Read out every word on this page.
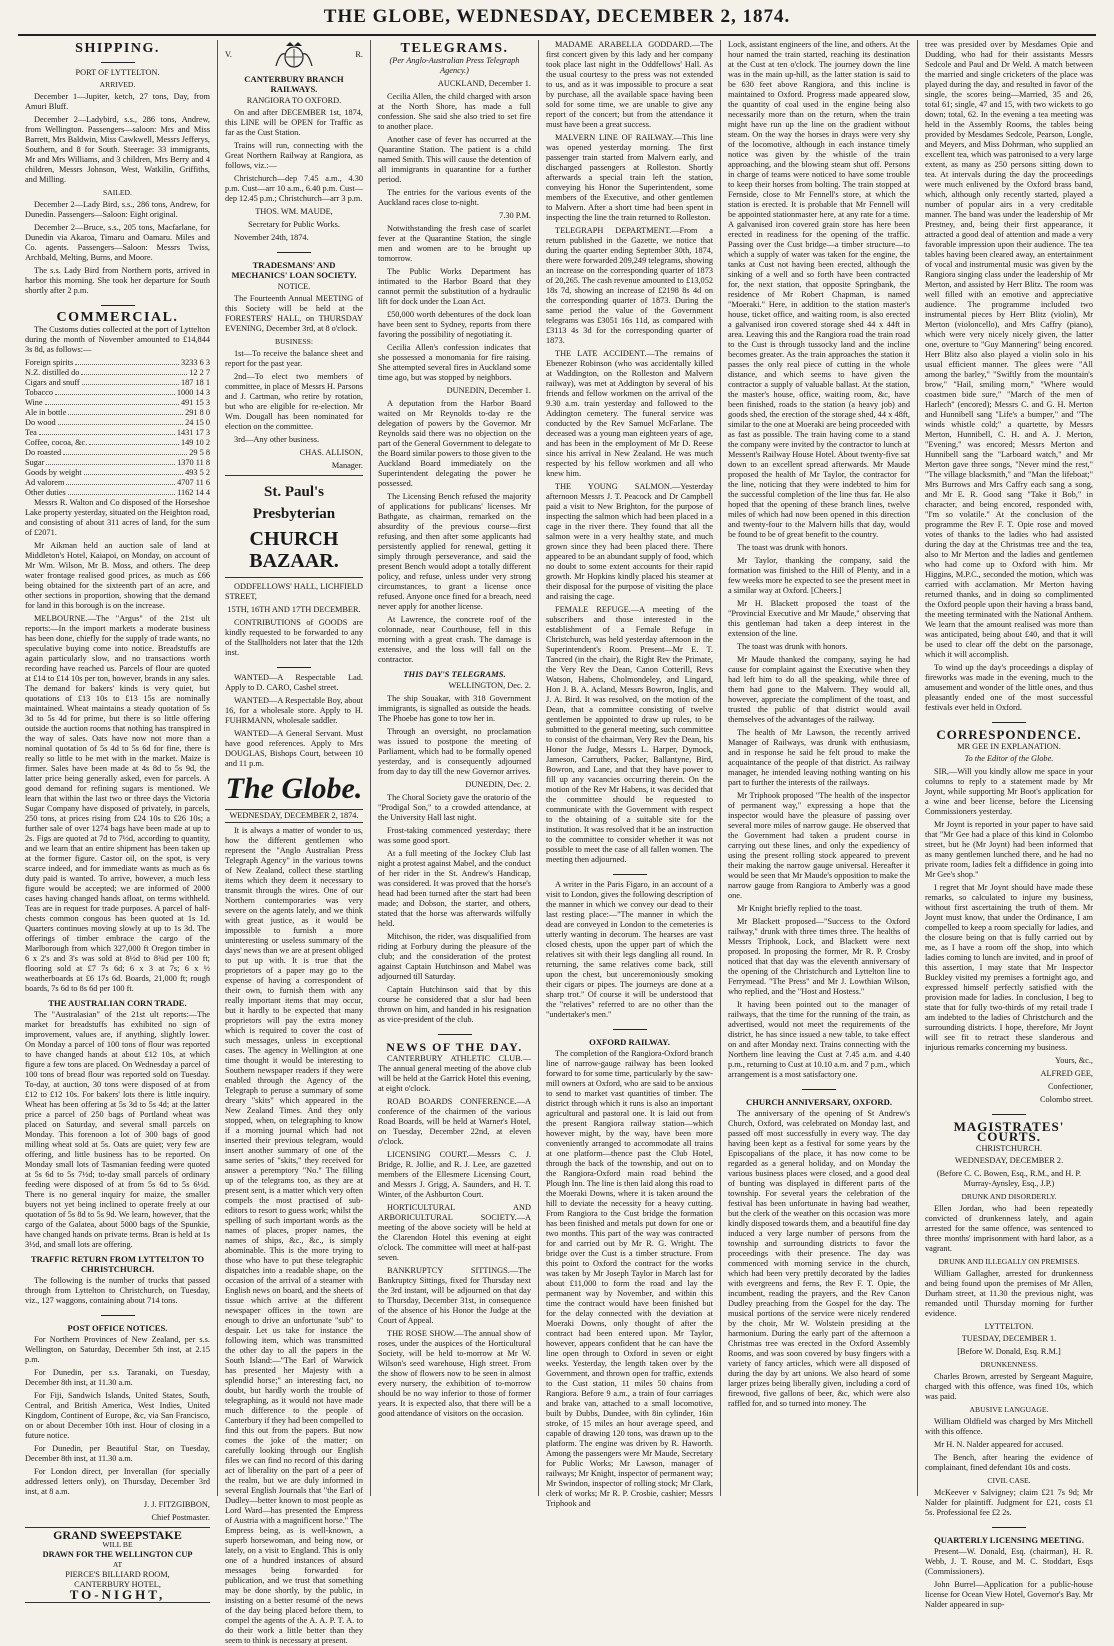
THE GLOBE, WEDNESDAY, DECEMBER 2, 1874.
SHIPPING.
PORT OF LYTTELTON.
ARRIVED.

December 1—Jupiter, ketch, 27 tons, Day, from Amuri Bluff.

December 2—Ladybird, s.s., 286 tons, Andrew, from Wellington. Passengers—saloon: Mrs and Miss Barrett, Mrs Baldwin, Miss Cawkwell, Messrs Jefferys, Southern, and 8 for South. Steerage: 33 immigrants, Mr and Mrs Williams, and 3 children, Mrs Berry and 4 children, Messrs Johnson, West, Watkilin, Griffiths, and Milling.

SAILED.

December 2—Lady Bird, s.s., 286 tons, Andrew, for Dunedin. Passengers—Saloon: Eight original.

December 2—Bruce, s.s., 205 tons, Macfarlane, for Dunedin via Akaroa, Timaru and Oamaru. Miles and Co. agents. Passengers—Saloon: Messrs Twiss, Archbald, Melting, Burns, and Moore.

The s.s. Lady Bird from Northern ports, arrived in harbor this morning. She took her departure for South shortly after 2 p.m.

COMMERCIAL.

The Customs duties collected at the port of Lyttelton during the month of November amounted to £14,844 3s 8d, as follows:—

Foreign spirits	3233 6 3
N.Z. distilled do	12 2 7
Cigars and snuff	187 18 1
Tobacco	1000 14 3
Wine	491 15 3
Ale in bottle	291 8 0
Do wood	24 15 0
Tea	1431 17 3
Coffee, cocoa, &c.	149 10 2
Do roasted	29 5 8
Sugar	1370 11 8
Goods by weight	493 5 2
Ad valorem	4707 11 6
Other duties	1162 14 4

Messrs R. Walton and Co disposed of the Horseshoe Lake property yesterday, situated on the Heighton road, and consisting of about 311 acres of land, for the sum of £2071.

Mr Aikman held an auction sale of land at Middleton's Hotel, Kaiapoi, on Monday, on account of Mr Wm. Wilson, Mr B. Moss, and others. The deep water frontage realised good prices, as much as £66 being obtained for the sixteenth part of an acre, and other sections in proportion, showing that the demand for land in this borough is on the increase.

MELBOURNE.—The "Argus" of the 21st ult reports:—In the import markets a moderate business has been done, chiefly for the supply of trade wants, no speculative buying come into notice. Breadstuffs are again particularly slow, and no transactions worth recording have reached us. Parcels of flour are quoted at £14 to £14 10s per ton, however, brands in any sales. The demand for bakers' kinds is very quiet, but quotations of £13 10s to £13 15s are nominally maintained. Wheat maintains a steady quotation of 5s 3d to 5s 4d for prime, but there is so little offering outside the auction rooms that nothing has transpired in the way of sales. Oats have now not more than a nominal quotation of 5s 4d to 5s 6d for fine, there is really so little to be met with in the market. Maize is firmer. Sales have been made at 4s 8d to 5s 9d, the latter price being generally asked, even for parcels. A good demand for refining sugars is mentioned. We learn that within the last two or three days the Victoria Sugar Company have disposed of privately, in parcels, 250 tons, at prices rising from £24 10s to £26 10s; a further sale of over 1274 bags have been made at up to 2s. Figs are quoted at 7d to 7½d, according to quantity, and we learn that an entire shipment has been taken up at the former figure. Castor oil, on the spot, is very scarce indeed, and for immediate wants as much as 6s duty paid is wanted. To arrive, however, a much less figure would be accepted; we are informed of 2000 cases having changed hands afloat, on terms withheld. Teas are in request for trade purposes. A parcel of half-chests common congous has been quoted at 1s 1d. Quarters continues moving slowly at up to 1s 3d. The offerings of timber embrace the cargo of the Marlborough from which 327,000 ft Oregon timber in 6 x 2's and 3's was sold at 8½d to 8¾d per 100 ft; flooring sold at £7 7s 6d; 6 x 3 at 7s; 6 x ½ weatherboards at £6 17s 6d. Boards, 21,000 ft; rough boards, 7s 6d to 8s 6d per 100 ft.

THE AUSTRALIAN CORN TRADE.

The "Australasian" of the 21st ult reports:—The market for breadstuffs has exhibited no sign of improvement, values are, if anything, slightly lower. On Monday a parcel of 100 tons of flour was reported to have changed hands at about £12 10s, at which figure a few tons are placed. On Wednesday a parcel of 100 tons of bread flour was reported sold on Tuesday. To-day, at auction, 30 tons were disposed of at from £12 to £12 10s. For bakers' lots there is little inquiry. Wheat has been offering at 5s 3d to 5s 4d; at the latter price a parcel of 250 bags of Portland wheat was placed on Saturday, and several small parcels on Monday. This forenoon a lot of 300 bags of good milling wheat sold at 5s. Oats are quiet; very few are offering, and little business has to be reported. On Monday small lots of Tasmanian feeding were quoted at 5s 6d to 5s 7½d; to-day small parcels of ordinary feeding were disposed of at from 5s 6d to 5s 6½d. There is no general inquiry for maize, the smaller buyers not yet being inclined to operate freely at our quotation of 5s 8d to 5s 9d. We learn, however, that the cargo of the Galatea, about 5000 bags of the Spunkie, have changed hands on private terms. Bran is held at 1s 3½d, and small lots are offering.

TRAFFIC RETURN FROM LYTTELTON TO CHRISTCHURCH.

The following is the number of trucks that passed through from Lyttelton to Christchurch, on Tuesday, viz., 127 waggons, containing about 714 tons.

POST OFFICE NOTICES.

For Northern Provinces of New Zealand, per s.s. Wellington, on Saturday, December 5th inst, at 2.15 p.m.

For Dunedin, per s.s. Taranaki, on Tuesday, December 8th inst, at 11.30 a.m.

For Fiji, Sandwich Islands, United States, South, Central, and British America, West Indies, United Kingdom, Continent of Europe, &c, via San Francisco, on or about December 10th inst. Hour of closing in a future notice.

For Dunedin, per Beautiful Star, on Tuesday, December 8th inst, at 11.30 a.m.

For London direct, per Inverallan (for specially addressed letters only), on Thursday, December 3rd inst, at 8 a.m.

J. J. FITZGIBBON,

Chief Postmaster.

GRAND SWEEPSTAKE
WILL BE
DRAWN FOR THE WELLINGTON CUP
AT
PIERCE'S BILLIARD ROOM,
CANTERBURY HOTEL,
TO-NIGHT,
V.	R.
CANTERBURY BRANCH RAILWAYS.
RANGIORA TO OXFORD.

On and after DECEMBER 1st, 1874, this LINE will be OPEN for Traffic as far as the Cust Station.

Trains will run, connecting with the Great Northern Railway at Rangiora, as follows, viz.:—

Christchurch—dep 7.45 a.m., 4.30 p.m. Cust—arr 10 a.m., 6.40 p.m. Cust—dep 12.45 p.m.; Christchurch—arr 3 p.m.

THOS. WM. MAUDE,

Secretary for Public Works.

November 24th, 1874.

TRADESMANS' AND MECHANICS' LOAN SOCIETY.
NOTICE.

The Fourteenth Annual MEETING of this Society will be held at the FORESTERS' HALL, on THURSDAY EVENING, December 3rd, at 8 o'clock.

BUSINESS:

1st—To receive the balance sheet and report for the past year.

2nd—To elect two members of committee, in place of Messrs H. Parsons and J. Cartman, who retire by rotation, but who are eligible for re-election. Mr Wm. Dougall has been nominated for election on the committee.

3rd—Any other business.

CHAS. ALLISON,

Manager.

St. Paul's Presbyterian
CHURCH BAZAAR.

ODDFELLOWS' HALL, LICHFIELD STREET,

15TH, 16TH AND 17TH DECEMBER.

CONTRIBUTIONS of GOODS are kindly requested to be forwarded to any of the Stallholders not later that the 12th inst.

WANTED—A Respectable Lad. Apply to D. CARO, Cashel street.

WANTED—A Respectable Boy, about 16, for a wholesale store. Apply to H. FUHRMANN, wholesale saddler.

WANTED—A General Servant. Must have good references. Apply to Mrs DOUGLAS, Bishops Court, between 10 and 11 p.m.

The Globe.
WEDNESDAY, DECEMBER 2, 1874.

It is always a matter of wonder to us, how the different gentlemen who represent the "Anglo Australian Press Telegraph Agency" in the various towns of New Zealand, collect these startling items which they deem it necessary to transmit through the wires. One of our Northern contemporaries was very severe on the agents lately, and we think with great justice, as it would be impossible to furnish a more uninteresting or useless summary of the days' news than we are at present obliged to put up with. It is true that the proprietors of a paper may go to the expense of having a correspondent of their own, to furnish them with any really important items that may occur, but it hardly to be expected that many proprietors will pay the extra money which is required to cover the cost of such messages, unless in exceptional cases. The agency in Wellington at one time thought it would be interesting to Southern newspaper readers if they were enabled through the Agency of the Telegraph to peruse a summary of some dreary "skits" which appeared in the New Zealand Times. And they only stopped, when, on telegraphing to know if a morning journal which had not inserted their previous telegram, would insert another summary of one of the same series of "skits," they received for answer a peremptory "No." The filling up of the telegrams too, as they are at present sent, is a matter which very often compels the most practised of sub-editors to resort to guess work; whilst the spelling of such important words as the names of places, proper names, the names of ships, &c., &c., is simply abominable. This is the more trying to those who have to put these telegraphic dispatches into a readable shape, on the occasion of the arrival of a steamer with English news on board, and the sheets of tissue which arrive at the different newspaper offices in the town are enough to drive an unfortunate "sub" to despair. Let us take for instance the following item, which was transmitted the other day to all the papers in the South Island:—"The Earl of Warwick has presented her Majesty with a splendid horse;" an interesting fact, no doubt, but hardly worth the trouble of telegraphing, as it would not have made much difference to the people of Canterbury if they had been compelled to find this out from the papers. But now comes the joke of the matter; on carefully looking through our English files we can find no record of this daring act of liberality on the part of a peer of the realm, but we are duly informed in several English Journals that "the Earl of Dudley—better known to most people as Lord Ward—has presented the Empress of Austria with a magnificent horse." The Empress being, as is well-known, a superb horsewoman, and being now, or lately, on a visit to England. This is only one of a hundred instances of absurd messages being forwarded for publication, and we trust that something may be done shortly, by the public, in insisting on a better resumé of the news of the day being placed before them, to compel the agents of the A. A. P. T. A. to do their work a little better than they seem to think is necessary at present.

TELEGRAMS.

(Per Anglo-Australian Press Telegraph Agency.)

AUCKLAND, December 1.

Cecilia Allen, the child charged with arson at the North Shore, has made a full confession. She said she also tried to set fire to another place.

Another case of fever has occurred at the Quarantine Station. The patient is a child named Smith. This will cause the detention of all immigrants in quarantine for a further period.

The entries for the various events of the Auckland races close to-night.

7.30 P.M.

Notwithstanding the fresh case of scarlet fever at the Quarantine Station, the single men and women are to be brought up tomorrow.

The Public Works Department has intimated to the Harbor Board that they cannot permit the substitution of a hydraulic lift for dock under the Loan Act.

£50,000 worth debentures of the dock loan have been sent to Sydney, reports from there favoring the possibility of negotiating it.

Cecilia Allen's confession indicates that she possessed a monomania for fire raising. She attempted several fires in Auckland some time ago, but was stopped by neighbors.

DUNEDIN, December 1.

A deputation from the Harbor Board waited on Mr Reynolds to-day re the delegation of powers by the Governor. Mr Reynolds said there was no objection on the part of the General Government to delegate to the Board similar powers to those given to the Auckland Board immediately on the Superintendent delegating the power he possessed.

The Licensing Bench refused the majority of applications for publicans' licenses. Mr Bathgate, as chairman, remarked on the absurdity of the previous course—first refusing, and then after some applicants had persistently applied for renewal, getting it simply through perseverance, and said the present Bench would adopt a totally different policy, and refuse, unless under very strong circumstances, to grant a license once refused. Anyone once fined for a breach, need never apply for another license.

At Lawrence, the concrete roof of the colonnade, near Courthouse, fell in this morning with a great crash. The damage is extensive, and the loss will fall on the contractor.

THIS DAY'S TELEGRAMS.

WELLINGTON, Dec. 2.

The ship Souakar, with 318 Government immigrants, is signalled as outside the heads. The Phoebe has gone to tow her in.

Through an oversight, no proclamation was issued to postpone the meeting of Parliament, which had to be formally opened yesterday, and is consequently adjourned from day to day till the new Governor arrives.

DUNEDIN, Dec. 2.

The Choral Society gave the oratorio of the "Prodigal Son," to a crowded attendance, at the University Hall last night.

Frost-taking commenced yesterday; there was some good sport.

At a full meeting of the Jockey Club last night a protest against Mabel, and the conduct of her rider in the St. Andrew's Handicap, was considered. It was proved that the horse's head had been turned after the start had been made; and Dobson, the starter, and others, stated that the horse was afterwards wilfully held.

Mitchison, the rider, was disqualified from riding at Forbury during the pleasure of the club; and the consideration of the protest against Captain Hutchinson and Mabel was adjourned till Saturday.

Captain Hutchinson said that by this course he considered that a slur had been thrown on him, and handed in his resignation as vice-president of the club.

NEWS OF THE DAY.

CANTERBURY ATHLETIC CLUB.—The annual general meeting of the above club will be held at the Garrick Hotel this evening, at eight o'clock.

ROAD BOARDS CONFERENCE.—A conference of the chairmen of the various Road Boards, will be held at Warner's Hotel, on Tuesday, December 22nd, at eleven o'clock.

LICENSING COURT.—Messrs C. J. Bridge, R. Jollie, and R. J. Lee, are gazetted members of the Ellesmere Licensing Court, and Messrs J. Grigg, A. Saunders, and H. T. Winter, of the Ashburton Court.

HORTICULTURAL AND ARBORICULTURAL SOCIETY.—A meeting of the above society will be held at the Clarendon Hotel this evening at eight o'clock. The committee will meet at half-past seven.

BANKRUPTCY SITTINGS.—The Bankruptcy Sittings, fixed for Thursday next the 3rd instant, will be adjourned on that day to Thursday, December 31st, in consequence of the absence of his Honor the Judge at the Court of Appeal.

THE ROSE SHOW.—The annual show of roses, under the auspices of the Horticultural Society, will be held to-morrow at Mr W. Wilson's seed warehouse, High street. From the show of flowers now to be seen in almost every nursery, the exhibition of to-morrow should be no way inferior to those of former years. It is expected also, that there will be a good attendance of visitors on the occasion.

MADAME ARABELLA GODDARD.—The first concert given by this lady and her company took place last night in the Oddfellows' Hall. As the usual courtesy to the press was not extended to us, and as it was impossible to procure a seat by purchase, all the available space having been sold for some time, we are unable to give any report of the concert; but from the attendance it must have been a great success.

MALVERN LINE OF RAILWAY.—This line was opened yesterday morning. The first passenger train started from Malvern early, and discharged passengers at Rolleston. Shortly afterwards a special train left the station, conveying his Honor the Superintendent, some members of the Executive, and other gentlemen to Malvern. After a short time had been spent in inspecting the line the train returned to Rolleston.

TELEGRAPH DEPARTMENT.—From a return published in the Gazette, we notice that during the quarter ending September 30th, 1874, there were forwarded 209,249 telegrams, showing an increase on the corresponding quarter of 1873 of 20,265. The cash revenue amounted to £13,052 18s 7d, showing an increase of £2198 8s 4d on the corresponding quarter of 1873. During the same period the value of the Government telegrams was £3051 16s 11d, as compared with £3113 4s 3d for the corresponding quarter of 1873.

THE LATE ACCIDENT.—The remains of Ebenezer Robinson (who was accidentally killed at Waddington, on the Rolleston and Malvern railway), was met at Addington by several of his friends and fellow workmen on the arrival of the 9.30 a.m. train yesterday and followed to the Addington cemetery. The funeral service was conducted by the Rev Samuel McFarlane. The deceased was a young man eighteen years of age, and has been in the employment of Mr D. Reese since his arrival in New Zealand. He was much respected by his fellow workmen and all who knew him.

THE YOUNG SALMON.—Yesterday afternoon Messrs J. T. Peacock and Dr Campbell paid a visit to New Brighton, for the purpose of inspecting the salmon which had been placed in a cage in the river there. They found that all the salmon were in a very healthy state, and much grown since they had been placed there. There appeared to be an abundant supply of food, which no doubt to some extent accounts for their rapid growth. Mr Hopkins kindly placed his steamer at their disposal for the purpose of visiting the place and raising the cage.

FEMALE REFUGE.—A meeting of the subscribers and those interested in the establishment of a Female Refuge in Christchurch, was held yesterday afternoon in the Superintendent's Room. Present—Mr E. T. Tancred (in the chair), the Right Rev the Primate, the Very Rev the Dean, Canon Cotterill, Revs Watson, Habens, Cholmondeley, and Lingard, Hon J. B. A. Acland, Messrs Bowron, Inglis, and J. A. Bird. It was resolved, on the motion of the Dean, that a committee consisting of twelve gentlemen be appointed to draw up rules, to be submitted to the general meeting, such committee to consist of the chairman, Very Rev the Dean, his Honor the Judge, Messrs L. Harper, Dymock, Jameson, Carruthers, Packer, Ballantyne, Bird, Bowron, and Lane, and that they have power to fill up any vacancies occurring therein. On the motion of the Rev Mr Habens, it was decided that the committee should be requested to communicate with the Government with respect to the obtaining of a suitable site for the institution. It was resolved that it be an instruction to the committee to consider whether it was not possible to meet the case of all fallen women. The meeting then adjourned.

A writer in the Paris Figaro, in an account of a visit to London, gives the following description of the manner in which we convey our dead to their last resting place:—"The manner in which the dead are conveyed in London to the cemeteries is utterly wanting in decorum. The hearses are vast closed chests, upon the upper part of which the relatives sit with their legs dangling all round. In returning, the same relatives come back, still upon the chest, but unceremoniously smoking their cigars or pipes. The journeys are done at a sharp trot." Of course it will be understood that the "relatives" referred to are no other than the "undertaker's men."

OXFORD RAILWAY.

The completion of the Rangiora-Oxford branch line of narrow-gauge railway has been looked forward to for some time, particularly by the saw-mill owners at Oxford, who are said to be anxious to send to market vast quantities of timber. The district through which it runs is also an important agricultural and pastoral one. It is laid out from the present Rangiora railway station—which however might, by the way, have been more conveniently arranged to accommodate all trains at one platform—thence past the Club Hotel, through the back of the township, and out on to the Rangiora-Oxford main road behind the Plough Inn. The line is then laid along this road to the Moeraki Downs, where it is taken around the hill to deviate the necessity for a heavy cutting. From Rangiora to the Cust bridge the formation has been finished and metals put down for one or two months. This part of the way was contracted for and carried out by Mr R. G. Wright. The bridge over the Cust is a timber structure. From this point to Oxford the contract for the works was taken by Mr Joseph Taylor in March last for about £11,000 to form the road and lay the permanent way by November, and within this time the contract would have been finished but for the delay connected with the deviation at Moeraki Downs, only thought of after the contract had been entered upon. Mr Taylor, however, appears confident that he can have the line open through to Oxford in seven or eight weeks. Yesterday, the length taken over by the Government, and thrown open for traffic, extends to the Cust station, 11 miles 50 chains from Rangiora. Before 9 a.m., a train of four carriages and brake van, attached to a small locomotive, built by Dubbs, Dundee, with 8in cylinder, 16in stroke, of 15 miles an hour average speed, and capable of drawing 120 tons, was drawn up to the platform. The engine was driven by R. Haworth. Among the passengers were Mr Maude, Secretary for Public Works; Mr Lawson, manager of railways; Mr Knight, inspector of permanent way; Mr Swindon, inspector of rolling stock; Mr Clark, clerk of works; Mr R. P. Crosbie, cashier; Messrs Triphook and

Lock, assistant engineers of the line, and others. At the hour named the train started, reaching its destination at the Cust at ten o'clock. The journey down the line was in the main up-hill, as the latter station is said to be 630 feet above Rangiora, and this incline is maintained to Oxford. Progress made appeared slow, the quantity of coal used in the engine being also necessarily more than on the return, when the train might have run up the line on the gradient without steam. On the way the horses in drays were very shy of the locomotive, although in each instance timely notice was given by the whistle of the train approaching, and the blowing steam shut off. Persons in charge of teams were noticed to have some trouble to keep their horses from bolting. The train stopped at Fernside, close to Mr Fennell's store, at which the station is erected. It is probable that Mr Fennell will be appointed stationmaster here, at any rate for a time. A galvanised iron covered grain store has here been erected in readiness for the opening of the traffic. Passing over the Cust bridge—a timber structure—to which a supply of water was taken for the engine, the tanks at Cust not having been erected, although the sinking of a well and so forth have been contracted for, the next station, that opposite Springbank, the residence of Mr Robert Chapman, is named "Moeraki." Here, in addition to the station master's house, ticket office, and waiting room, is also erected a galvanised iron covered storage shed 44 x 44ft in area. Leaving this and the Rangiora road the train road to the Cust is through tussocky land and the incline becomes greater. As the train approaches the station it passes the only real piece of cutting in the whole distance, and which seems to have given the contractor a supply of valuable ballast. At the station, the master's house, office, waiting room, &c, have been finished, roads to the station (a heavy job) and goods shed, the erection of the storage shed, 44 x 48ft, similar to the one at Moeraki are being proceeded with as fast as possible. The train having come to a stand the company were invited by the contractor to lunch at Messent's Railway House Hotel. About twenty-five sat down to an excellent spread afterwards. Mr Maude proposed the health of Mr Taylor, the contractor for the line, noticing that they were indebted to him for the successful completion of the line thus far. He also hoped that the opening of these branch lines, twelve miles of which had now been opened in this direction and twenty-four to the Malvern hills that day, would be found to be of great benefit to the country.

The toast was drunk with honors.

Mr Taylor, thanking the company, said the formation was finished to the Hill of Plenty, and in a few weeks more he expected to see the present meet in a similar way at Oxford. [Cheers.]

Mr H. Blackett proposed the toast of the "Provincial Executive and Mr Maude," observing that this gentleman had taken a deep interest in the extension of the line.

The toast was drunk with honors.

Mr Maude thanked the company, saying he had cause for complaint against the Executive when they had left him to do all the speaking, while three of them had gone to the Malvern. They would all, however, appreciate the compliment of the toast, and trusted the public of that district would avail themselves of the advantages of the railway.

The health of Mr Lawson, the recently arrived Manager of Railways, was drunk with enthusiasm, and in response he said he felt proud to make the acquaintance of the people of that district. As railway manager, he intended leaving nothing wanting on his part to further the interests of the railways.

Mr Triphook proposed "The health of the inspector of permanent way," expressing a hope that the inspector would have the pleasure of passing over several more miles of narrow gauge. He observed that the Government had taken a prudent course in carrying out these lines, and only the expediency of using the present rolling stock appeared to prevent their making the narrow gauge universal. Hereafter it would be seen that Mr Maude's opposition to make the narrow gauge from Rangiora to Amberly was a good one.

Mr Knight briefly replied to the toast.

Mr Blackett proposed—"Success to the Oxford railway," drunk with three times three. The healths of Messrs Triphook, Lock, and Blackett were next proposed. In proposing the former, Mr R. P. Crosby noticed that that day was the eleventh anniversary of the opening of the Christchurch and Lyttelton line to Ferrymead. "The Press" and Mr J. Lowthian Wilson, who replied, and the "Host and Hostess."

It having been pointed out to the manager of railways, that the time for the running of the train, as advertised, would not meet the requirements of the district, he has since issued a new table, to take effect on and after Monday next. Trains connecting with the Northern line leaving the Cust at 7.45 a.m. and 4.40 p.m., returning to Cust at 10.10 a.m. and 7 p.m., which arrangement is a most satisfactory one.

CHURCH ANNIVERSARY, OXFORD.

The anniversary of the opening of St Andrew's Church, Oxford, was celebrated on Monday last, and passed off most successfully in every way. The day having been kept as a festival for some years by the Episcopalians of the place, it has now come to be regarded as a general holiday, and on Monday the various business places were closed, and a good deal of bunting was displayed in different parts of the township. For several years the celebration of the festival has been unfortunate in having bad weather, but the clerk of the weather on this occasion was more kindly disposed towards them, and a beautiful fine day induced a very large number of persons from the township and surrounding districts to favor the proceedings with their presence. The day was commenced with morning service in the church, which had been very prettily decorated by the ladies with evergreens and ferns, the Rev F. T. Opie, the incumbent, reading the prayers, and the Rev Canon Dudley preaching from the Gospel for the day. The musical portions of the service were nicely rendered by the choir, Mr W. Wolstein presiding at the harmonium. During the early part of the afternoon a Christmas tree was erected in the Oxford Assembly Rooms, and was soon covered by busy fingers with a variety of fancy articles, which were all disposed of during the day by art unions. We also heard of some larger prizes being liberally given, including a cord of firewood, five gallons of beer, &c, which were also raffled for, and so turned into money. The

tree was presided over by Mesdames Opie and Dudding, who had for their assistants Messrs Sedcole and Paul and Dr Weld. A match between the married and single cricketers of the place was played during the day, and resulted in favor of the single, the scores being—Married, 35 and 26, total 61; single, 47 and 15, with two wickets to go down; total, 62. In the evening a tea meeting was held in the Assembly Rooms, the tables being provided by Mesdames Sedcole, Pearson, Longle, and Meyers, and Miss Dohrman, who supplied an excellent tea, which was patronised to a very large extent, as many as 250 persons sitting down to tea. At intervals during the day the proceedings were much enlivened by the Oxford brass band, which, although only recently started, played a number of popular airs in a very creditable manner. The band was under the leadership of Mr Prestney, and, being their first appearance, it attracted a good deal of attention and made a very favorable impression upon their audience. The tea tables having been cleared away, an entertainment of vocal and instrumental music was given by the Rangiora singing class under the leadership of Mr Merton, and assisted by Herr Blitz. The room was well filled with an emotive and appreciative audience. The programme included two instrumental pieces by Herr Blitz (violin), Mr Merton (violoncello), and Mrs Caffry (piano), which were very nicely nicely given, the latter one, overture to "Guy Mannering" being encored. Herr Blitz also also played a violin solo in his usual efficient manner. The glees were "All among the barley," "Swiftly from the mountain's brow," "Hail, smiling morn," "Where would coastmen bide sure," "March of the men of Harlech" (encored); Messrs C. and G. H. Merton and Hunnibell sang "Life's a bumper," and "The winds whistle cold;" a quartette, by Messrs Merton, Hunnibell, C. H. and A. J. Merton, "Evening," was encored; Messrs Merton and Hunnibell sang the "Larboard watch," and Mr Merton gave three songs, "Never mind the rest," "The village blacksmith," and "Man the lifeboat;" Mrs Burrows and Mrs Caffry each sang a song, and Mr E. R. Good sang "Take it Bob," in character, and being encored, responded with, "I'm so volatile." At the conclusion of the programme the Rev F. T. Opie rose and moved votes of thanks to the ladies who had assisted during the day at the Christmas tree and the tea, also to Mr Merton and the ladies and gentlemen who had come up to Oxford with him. Mr Higgins, M.P.C., seconded the motion, which was carried with acclamation. Mr Merton having returned thanks, and in doing so complimented the Oxford people upon their having a brass band, the meeting terminated with the National Anthem. We learn that the amount realised was more than was anticipated, being about £40, and that it will be used to clear off the debt on the parsonage, which it will accomplish.

To wind up the day's proceedings a display of fireworks was made in the evening, much to the amusement and wonder of the little ones, and thus pleasantly ended one of the most successful festivals ever held in Oxford.

CORRESPONDENCE.
MR GEE IN EXPLANATION.

To the Editor of the Globe.

SIR,—Will you kindly allow me space in your columns to reply to a statement made by Mr Joynt, while supporting Mr Boot's application for a wine and beer license, before the Licensing Commissioners yesterday.

Mr Joynt is reported in your paper to have said that "Mr Gee had a place of this kind in Colombo street, but he (Mr Joynt) had been informed that as many gentlemen lunched there, and he had no private room, ladies felt a diffidence in going into Mr Gee's shop."

I regret that Mr Joynt should have made these remarks, so calculated to injure my business, without first ascertaining the truth of them. Mr Joynt must know, that under the Ordinance, I am compelled to keep a room specially for ladies, and the closure being on that is fully carried out by me, as I have a room off the shop, into which ladies coming to lunch are invited, and in proof of this assertion, I may state that Mr Inspector Buckley visited my premises a fortnight ago, and expressed himself perfectly satisfied with the provision made for ladies. In conclusion, I beg to state that for fully two-thirds of my retail trade I am indebted to the ladies of Christchurch and the surrounding districts. I hope, therefore, Mr Joynt will see fit to retract these slanderous and injurious remarks concerning my business.

Yours, &c.,

ALFRED GEE,

Confectioner,

Colombo street.

MAGISTRATES' COURTS.
CHRISTCHURCH.

WEDNESDAY, DECEMBER 2.

(Before C. C. Bowen, Esq., R.M., and H. P. Murray-Aynsley, Esq., J.P.)

DRUNK AND DISORDERLY.

Ellen Jordan, who had been repeatedly convicted of drunkenness lately, and again arrested for the same offence, was sentenced to three months' imprisonment with hard labor, as a vagrant.

DRUNK AND ILLEGALLY ON PREMISES.

William Gallagher, arrested for drunkenness and being found upon the premises of Mr Allen, Durham street, at 11.30 the previous night, was remanded until Thursday morning for further evidence.

LYTTELTON.

TUESDAY, DECEMBER 1.

[Before W. Donald, Esq. R.M.]

DRUNKENNESS.

Charles Brown, arrested by Sergeant Maguire, charged with this offence, was fined 10s, which was paid.

ABUSIVE LANGUAGE.

William Oldfield was charged by Mrs Mitchell with this offence.

Mr H. N. Nalder appeared for accused.

The Bench, after hearing the evidence of complainant, fined defendant 10s and costs.

CIVIL CASE.

McKeever v Salvigney; claim £21 7s 9d; Mr Nalder for plaintiff. Judgment for £21, costs £1 5s. Professional fee £2 2s.

QUARTERLY LICENSING MEETING.

Present—W. Donald, Esq. (chairman), H. R. Webb, J. T. Rouse, and M. C. Stoddart, Esqs (Commissioners).

John Burrel—Application for a public-house license for Ocean View Hotel, Governor's Bay. Mr Nalder appeared in sup-
